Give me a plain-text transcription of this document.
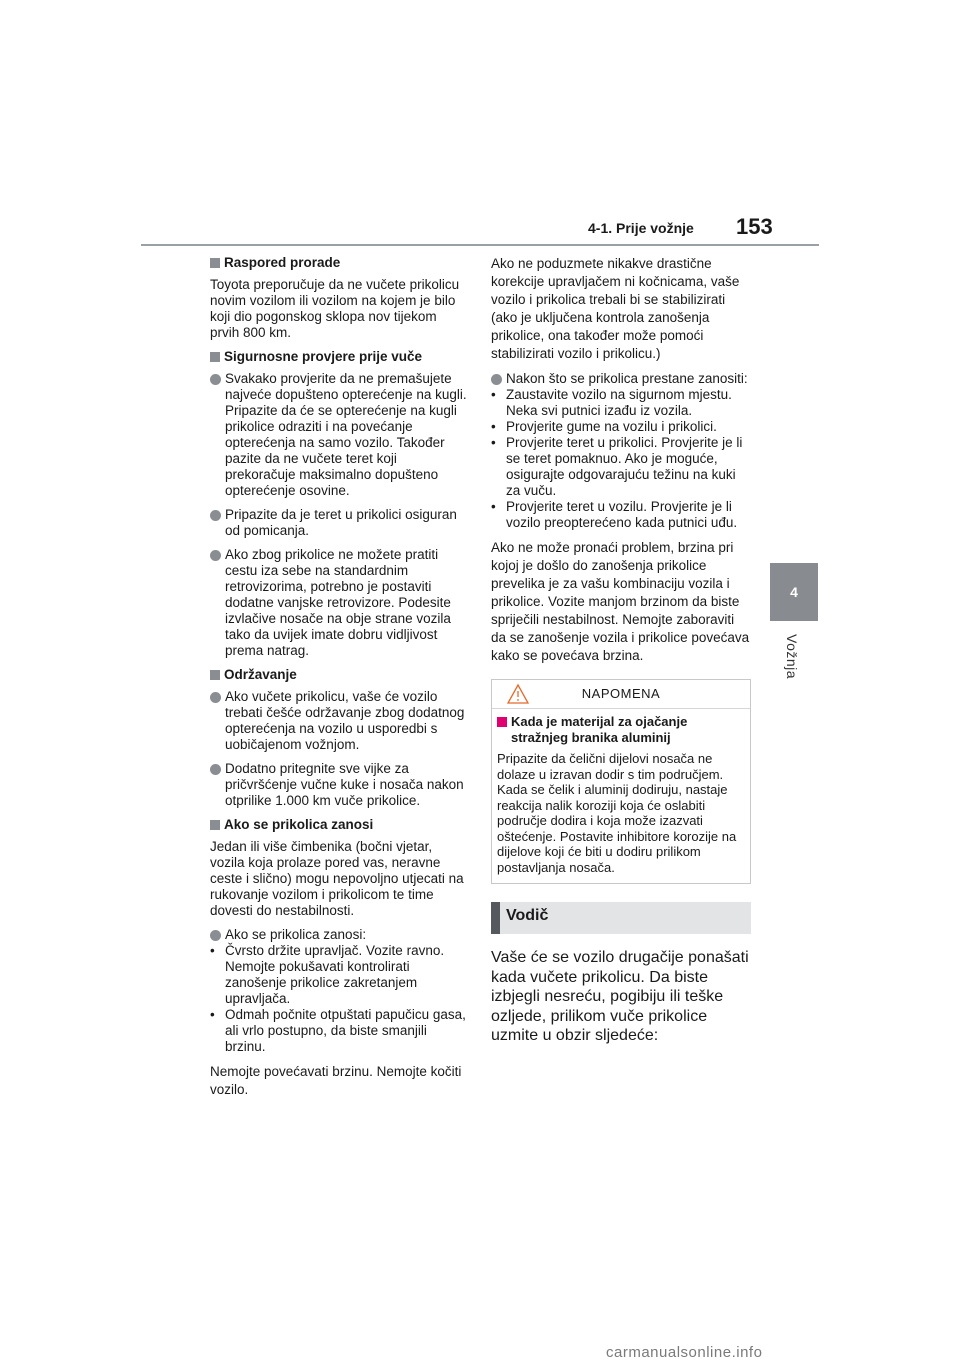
4-1. Prije vožnje 153
4
Vožnja
Raspored prorade
Toyota preporučuje da ne vučete prikolicu novim vozilom ili vozilom na kojem je bilo koji dio pogonskog sklopa nov tijekom prvih 800 km.
Sigurnosne provjere prije vuče
Svakako provjerite da ne premašujete najveće dopušteno opterećenje na kugli. Pripazite da će se opterećenje na kugli prikolice odraziti i na povećanje opterećenja na samo vozilo. Također pazite da ne vučete teret koji prekoračuje maksimalno dopušteno opterećenje osovine.
Pripazite da je teret u prikolici osiguran od pomicanja.
Ako zbog prikolice ne možete pratiti cestu iza sebe na standardnim retrovizorima, potrebno je postaviti dodatne vanjske retrovizore. Podesite izvlačive nosače na obje strane vozila tako da uvijek imate dobru vidljivost prema natrag.
Održavanje
Ako vučete prikolicu, vaše će vozilo trebati češće održavanje zbog dodatnog opterećenja na vozilo u usporedbi s uobičajenom vožnjom.
Dodatno pritegnite sve vijke za pričvršćenje vučne kuke i nosača nakon otprilike 1.000 km vuče prikolice.
Ako se prikolica zanosi
Jedan ili više čimbenika (bočni vjetar, vozila koja prolaze pored vas, neravne ceste i slično) mogu nepovoljno utjecati na rukovanje vozilom i prikolicom te time dovesti do nestabilnosti.
Ako se prikolica zanosi:
• Čvrsto držite upravljač. Vozite ravno. Nemojte pokušavati kontrolirati zanošenje prikolice zakretanjem upravljača.
• Odmah počnite otpuštati papučicu gasa, ali vrlo postupno, da biste smanjili brzinu.
Nemojte povećavati brzinu. Nemojte kočiti vozilo.
Ako ne poduzmete nikakve drastične korekcije upravljačem ni kočnicama, vaše vozilo i prikolica trebali bi se stabilizirati (ako je uključena kontrola zanošenja prikolice, ona također može pomoći stabilizirati vozilo i prikolicu.)
Nakon što se prikolica prestane zanositi:
• Zaustavite vozilo na sigurnom mjestu. Neka svi putnici izađu iz vozila.
• Provjerite gume na vozilu i prikolici.
• Provjerite teret u prikolici. Provjerite je li se teret pomaknuo. Ako je moguće, osigurajte odgovarajuću težinu na kuki za vuču.
• Provjerite teret u vozilu. Provjerite je li vozilo preopterećeno kada putnici uđu.
Ako ne može pronaći problem, brzina pri kojoj je došlo do zanošenja prikolice prevelika je za vašu kombinaciju vozila i prikolice. Vozite manjom brzinom da biste spriječili nestabilnost. Nemojte zaboraviti da se zanošenje vozila i prikolice povećava kako se povećava brzina.
NAPOMENA
Kada je materijal za ojačanje stražnjeg branika aluminij
Pripazite da čelični dijelovi nosača ne dolaze u izravan dodir s tim područjem.
Kada se čelik i aluminij dodiruju, nastaje reakcija nalik koroziji koja će oslabiti područje dodira i koja može izazvati oštećenje. Postavite inhibitore korozije na dijelove koji će biti u dodiru prilikom postavljanja nosača.
Vodič
Vaše će se vozilo drugačije ponašati kada vučete prikolicu. Da biste izbjegli nesreću, pogibiju ili teške ozljede, prilikom vuče prikolice uzmite u obzir sljedeće:
carmanualsonline.info
